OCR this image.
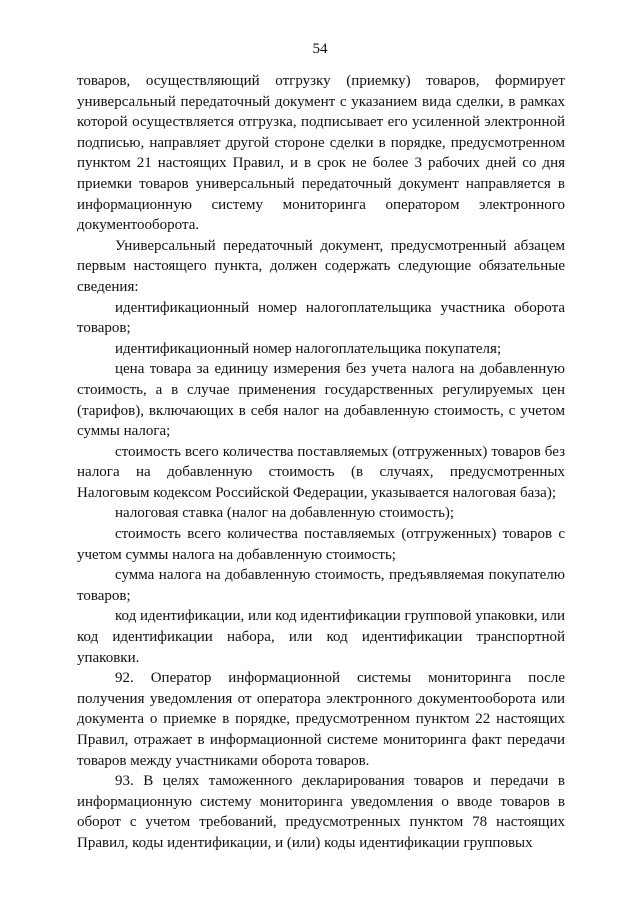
54

товаров, осуществляющий отгрузку (приемку) товаров, формирует универсальный передаточный документ с указанием вида сделки, в рамках которой осуществляется отгрузка, подписывает его усиленной электронной подписью, направляет другой стороне сделки в порядке, предусмотренном пунктом 21 настоящих Правил, и в срок не более 3 рабочих дней со дня приемки товаров универсальный передаточный документ направляется в информационную систему мониторинга оператором электронного документооборота.

Универсальный передаточный документ, предусмотренный абзацем первым настоящего пункта, должен содержать следующие обязательные сведения:

идентификационный номер налогоплательщика участника оборота товаров;

идентификационный номер налогоплательщика покупателя;

цена товара за единицу измерения без учета налога на добавленную стоимость, а в случае применения государственных регулируемых цен (тарифов), включающих в себя налог на добавленную стоимость, с учетом суммы налога;

стоимость всего количества поставляемых (отгруженных) товаров без налога на добавленную стоимость (в случаях, предусмотренных Налоговым кодексом Российской Федерации, указывается налоговая база);

налоговая ставка (налог на добавленную стоимость);

стоимость всего количества поставляемых (отгруженных) товаров с учетом суммы налога на добавленную стоимость;

сумма налога на добавленную стоимость, предъявляемая покупателю товаров;

код идентификации, или код идентификации групповой упаковки, или код идентификации набора, или код идентификации транспортной упаковки.

92. Оператор информационной системы мониторинга после получения уведомления от оператора электронного документооборота или документа о приемке в порядке, предусмотренном пунктом 22 настоящих Правил, отражает в информационной системе мониторинга факт передачи товаров между участниками оборота товаров.

93. В целях таможенного декларирования товаров и передачи в информационную систему мониторинга уведомления о вводе товаров в оборот с учетом требований, предусмотренных пунктом 78 настоящих Правил, коды идентификации, и (или) коды идентификации групповых
